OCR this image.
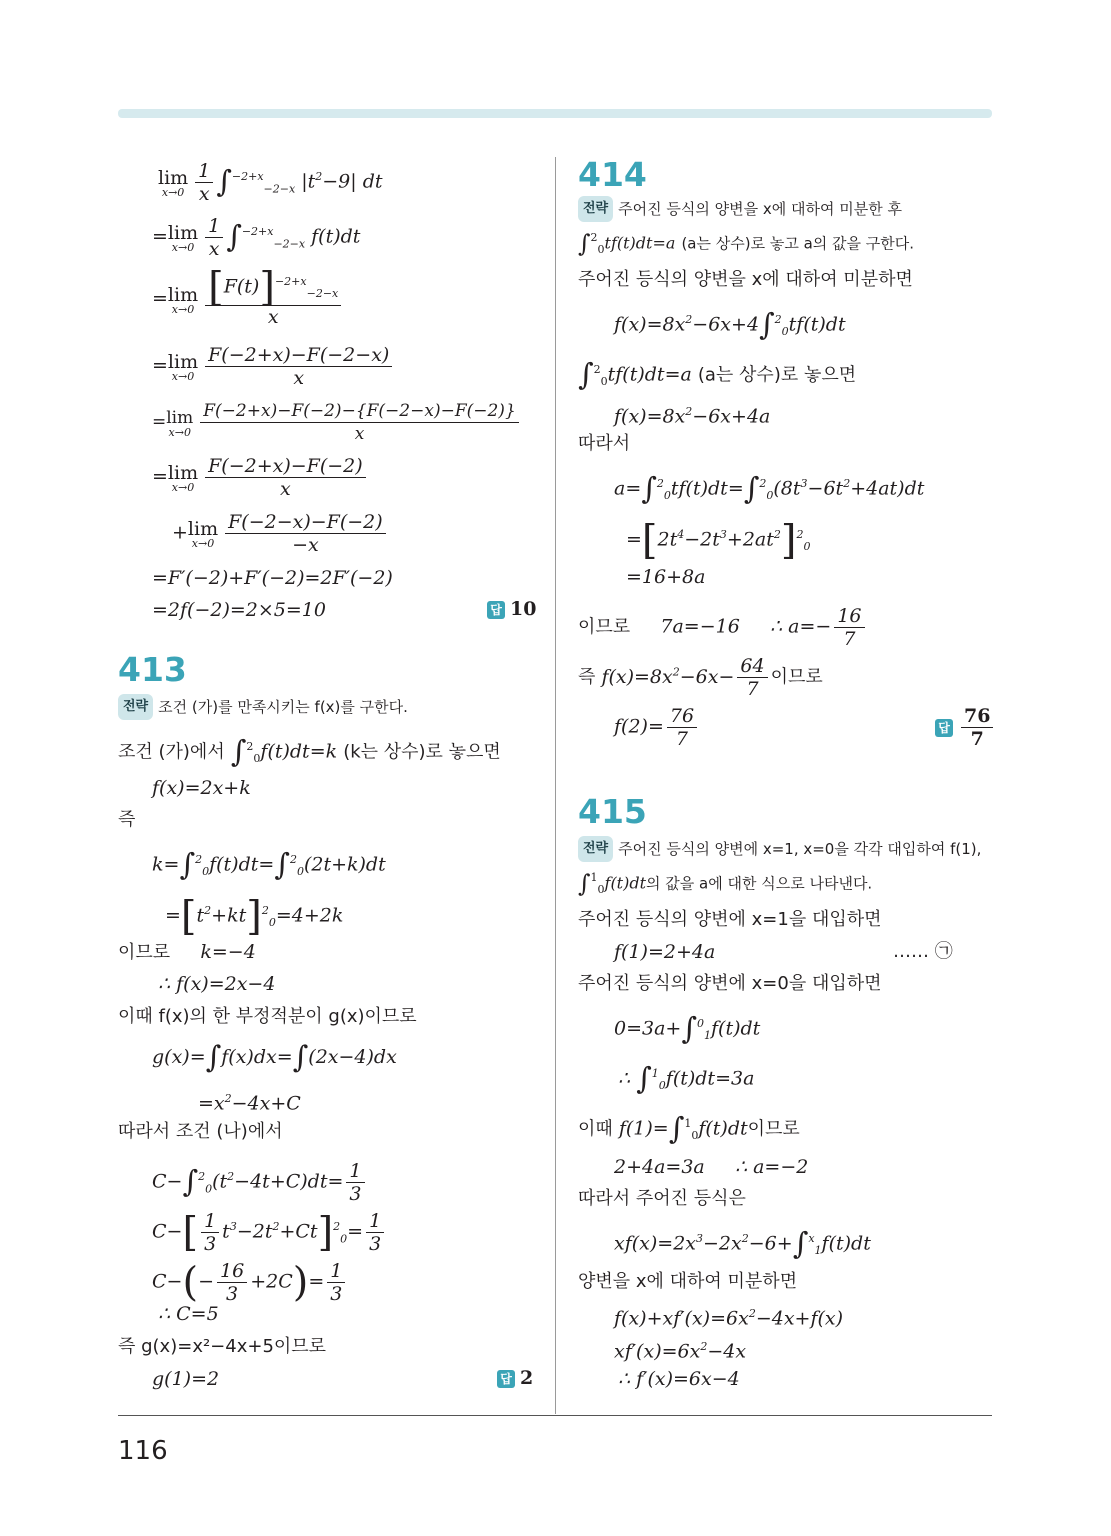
116
lim
$x\to 0 \frac{1}{x} \int^{-2+x}_{-2-x}$ $|t^2-9|$ dt
= lim
$x\to 0 \frac{1}{x} \int^{-2+x}_{-2-x}$ f(t)dt
= lim
$x\to 0 \frac{[F(t)]^{-2+x}_{-2-x}}{x}$
= lim
$x\to 0 \frac{F(-2+x)-F(-2-x)}{x}$
= lim
$x\to 0 \frac{F(-2+x)-F(-2)-\{F(-2-x)-F(-2)\}}{x}$
= lim
$x\to 0 \frac{F(-2+x)-F(-2)}{x}$
+ lim
$x\to 0 \frac{F(-2-x)-F(-2)}{-x}$
=F′(−2)+F′(−2)=2F′(−2)
=2f(−2)=2×5=10	답 10
413
전략 조건 (가)를 만족시키는 f(x)를 구한다.
조건 (가)에서 ∫$^2_0$f(t)dt=k (k는 상수)로 놓으면
f(x)=2x+k
즉
k=∫$^2_0$f(t)dt=∫$^2_0$(2t+k)dt
$=[t^2+kt]^2_0=4+2k$
이므로 k=−4
∴ f(x)=2x−4
이때 f(x)의 한 부정적분이 g(x)이므로
g(x)=∫f(x)dx=∫(2x−4)dx
$=x^2-4x+C$
따라서 조건 (나)에서
$C-\int^2_0(t^2-4t+C)dt= \frac{1}{3}$
$C-[ \frac{1}{3} t^3-2t^2+Ct]^2_0= \frac{1}{3}$
$C-(- \frac{16}{3} +2C)= \frac{1}{3}$
∴ C=5
즉 g(x)=x²−4x+5이므로
g(1)=2	답 2
414
전략 주어진 등식의 양변을 x에 대하여 미분한 후
∫$^2_0$tf(t)dt=a (a는 상수)로 놓고 a의 값을 구한다.
주어진 등식의 양변을 x에 대하여 미분하면
$f(x)=8x^2-6x+4\int^2_0tf(t)dt$
∫$^2_0$tf(t)dt=a (a는 상수)로 놓으면
$f(x)=8x^2-6x+4a$
따라서
$a=\int^2_0tf(t)dt=\int^2_0(8t^3-6t^2+4at)dt$
$=[2t^4-2t^3+2at^2]^2_0$
=16+8a
이므로 7a=−16     ∴ $a=- \frac{16}{7}$
즉 $f(x)=8x^2-6x- \frac{64}{7}$ 이므로
$f(2)= \frac{76}{7}$	답 $\frac{76}{7}$
415
전략 주어진 등식의 양변에 x=1, x=0을 각각 대입하여 f(1),
∫$^1_0$f(t)dt의 값을 a에 대한 식으로 나타낸다.
주어진 등식의 양변에 x=1을 대입하면
f(1)=2+4a	…… ㉠
주어진 등식의 양변에 x=0을 대입하면
0=3a+∫$^0_1$f(t)dt
∴ ∫$^1_0$f(t)dt=3a
이때 f(1)=∫$^1_0$f(t)dt이므로
2+4a=3a     ∴ a=−2
따라서 주어진 등식은
$xf(x)=2x^3-2x^2-6+\int^x_1f(t)dt$
양변을 x에 대하여 미분하면
$f(x)+xf'(x)=6x^2-4x+f(x)$
$xf'(x)=6x^2-4x$
∴ f′(x)=6x−4
